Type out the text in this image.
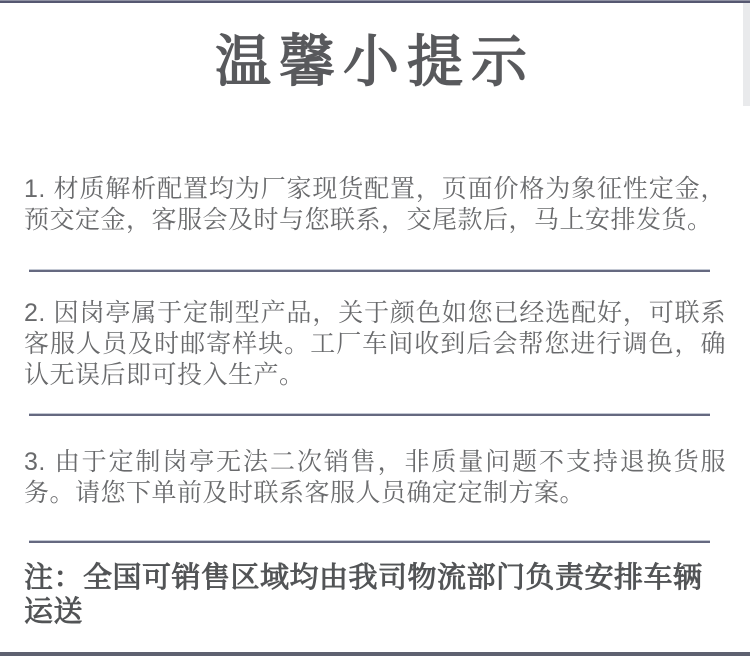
温馨小提示

1. 材质解析配置均为厂家现货配置，页面价格为象征性定金，预交定金，客服会及时与您联系，交尾款后，马上安排发货。

2. 因岗亭属于定制型产品，关于颜色如您已经选配好，可联系客服人员及时邮寄样块。工厂车间收到后会帮您进行调色，确认无误后即可投入生产。

3. 由于定制岗亭无法二次销售，非质量问题不支持退换货服务。请您下单前及时联系客服人员确定定制方案。

注：全国可销售区域均由我司物流部门负责安排车辆运送
